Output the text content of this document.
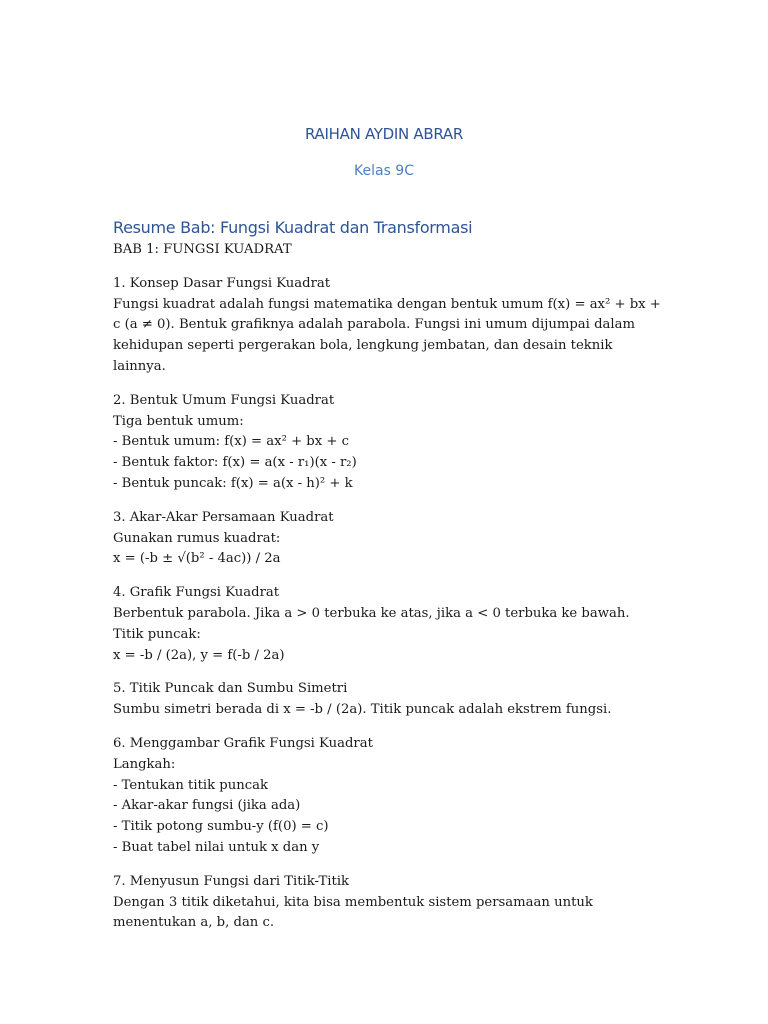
RAIHAN AYDIN ABRAR
Kelas 9C
Resume Bab: Fungsi Kuadrat dan Transformasi
BAB 1: FUNGSI KUADRAT
1. Konsep Dasar Fungsi Kuadrat
Fungsi kuadrat adalah fungsi matematika dengan bentuk umum f(x) = ax² + bx + c (a ≠ 0). Bentuk grafiknya adalah parabola. Fungsi ini umum dijumpai dalam kehidupan seperti pergerakan bola, lengkung jembatan, dan desain teknik lainnya.
2. Bentuk Umum Fungsi Kuadrat
Tiga bentuk umum:
- Bentuk umum: f(x) = ax² + bx + c
- Bentuk faktor: f(x) = a(x - r₁)(x - r₂)
- Bentuk puncak: f(x) = a(x - h)² + k
3. Akar-Akar Persamaan Kuadrat
Gunakan rumus kuadrat:
x = (-b ± √(b² - 4ac)) / 2a
4. Grafik Fungsi Kuadrat
Berbentuk parabola. Jika a > 0 terbuka ke atas, jika a < 0 terbuka ke bawah. Titik puncak:
x = -b / (2a), y = f(-b / 2a)
5. Titik Puncak dan Sumbu Simetri
Sumbu simetri berada di x = -b / (2a). Titik puncak adalah ekstrem fungsi.
6. Menggambar Grafik Fungsi Kuadrat
Langkah:
- Tentukan titik puncak
- Akar-akar fungsi (jika ada)
- Titik potong sumbu-y (f(0) = c)
- Buat tabel nilai untuk x dan y
7. Menyusun Fungsi dari Titik-Titik
Dengan 3 titik diketahui, kita bisa membentuk sistem persamaan untuk menentukan a, b, dan c.
